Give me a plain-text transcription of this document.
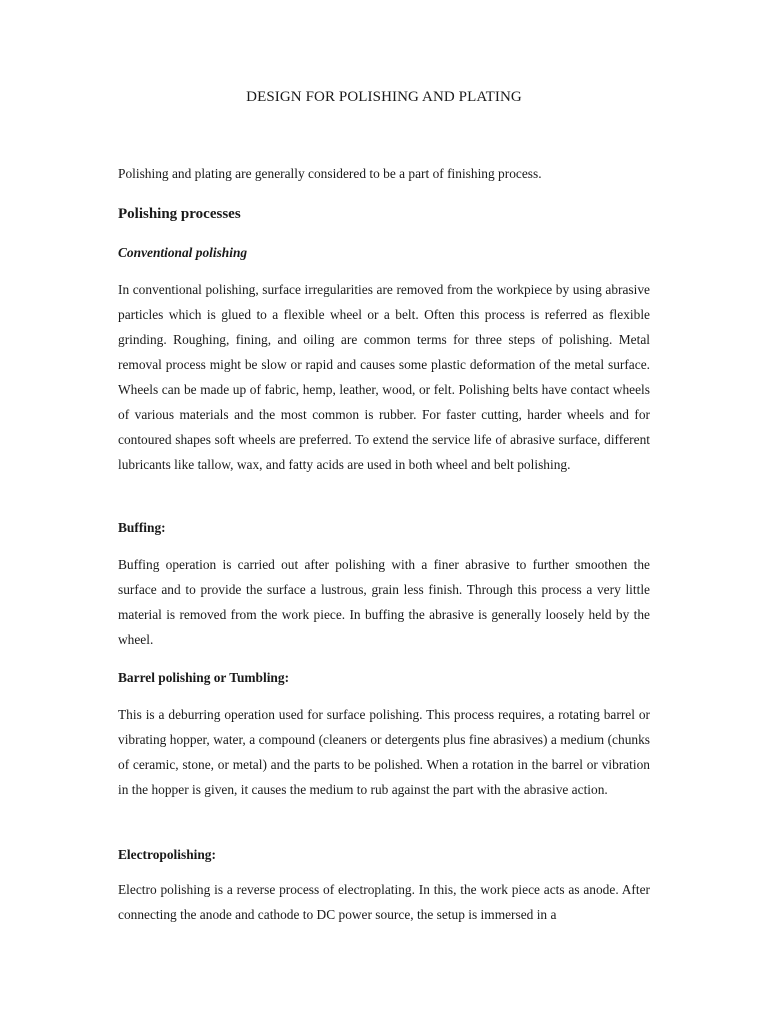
DESIGN FOR POLISHING AND PLATING

Polishing and plating are generally considered to be a part of finishing process.

Polishing processes
Conventional polishing

In conventional polishing, surface irregularities are removed from the workpiece by using abrasive particles which is glued to a flexible wheel or a belt. Often this process is referred as flexible grinding. Roughing, fining, and oiling are common terms for three steps of polishing. Metal removal process might be slow or rapid and causes some plastic deformation of the metal surface. Wheels can be made up of fabric, hemp, leather, wood, or felt. Polishing belts have contact wheels of various materials and the most common is rubber. For faster cutting, harder wheels and for contoured shapes soft wheels are preferred. To extend the service life of abrasive surface, different lubricants like tallow, wax, and fatty acids are used in both wheel and belt polishing.

Buffing:

Buffing operation is carried out after polishing with a finer abrasive to further smoothen the surface and to provide the surface a lustrous, grain less finish. Through this process a very little material is removed from the work piece. In buffing the abrasive is generally loosely held by the wheel.

Barrel polishing or Tumbling:

This is a deburring operation used for surface polishing. This process requires, a rotating barrel or vibrating hopper, water, a compound (cleaners or detergents plus fine abrasives) a medium (chunks of ceramic, stone, or metal) and the parts to be polished. When a rotation in the barrel or vibration in the hopper is given, it causes the medium to rub against the part with the abrasive action.

Electropolishing:

Electro polishing is a reverse process of electroplating. In this, the work piece acts as anode. After connecting the anode and cathode to DC power source, the setup is immersed in a
